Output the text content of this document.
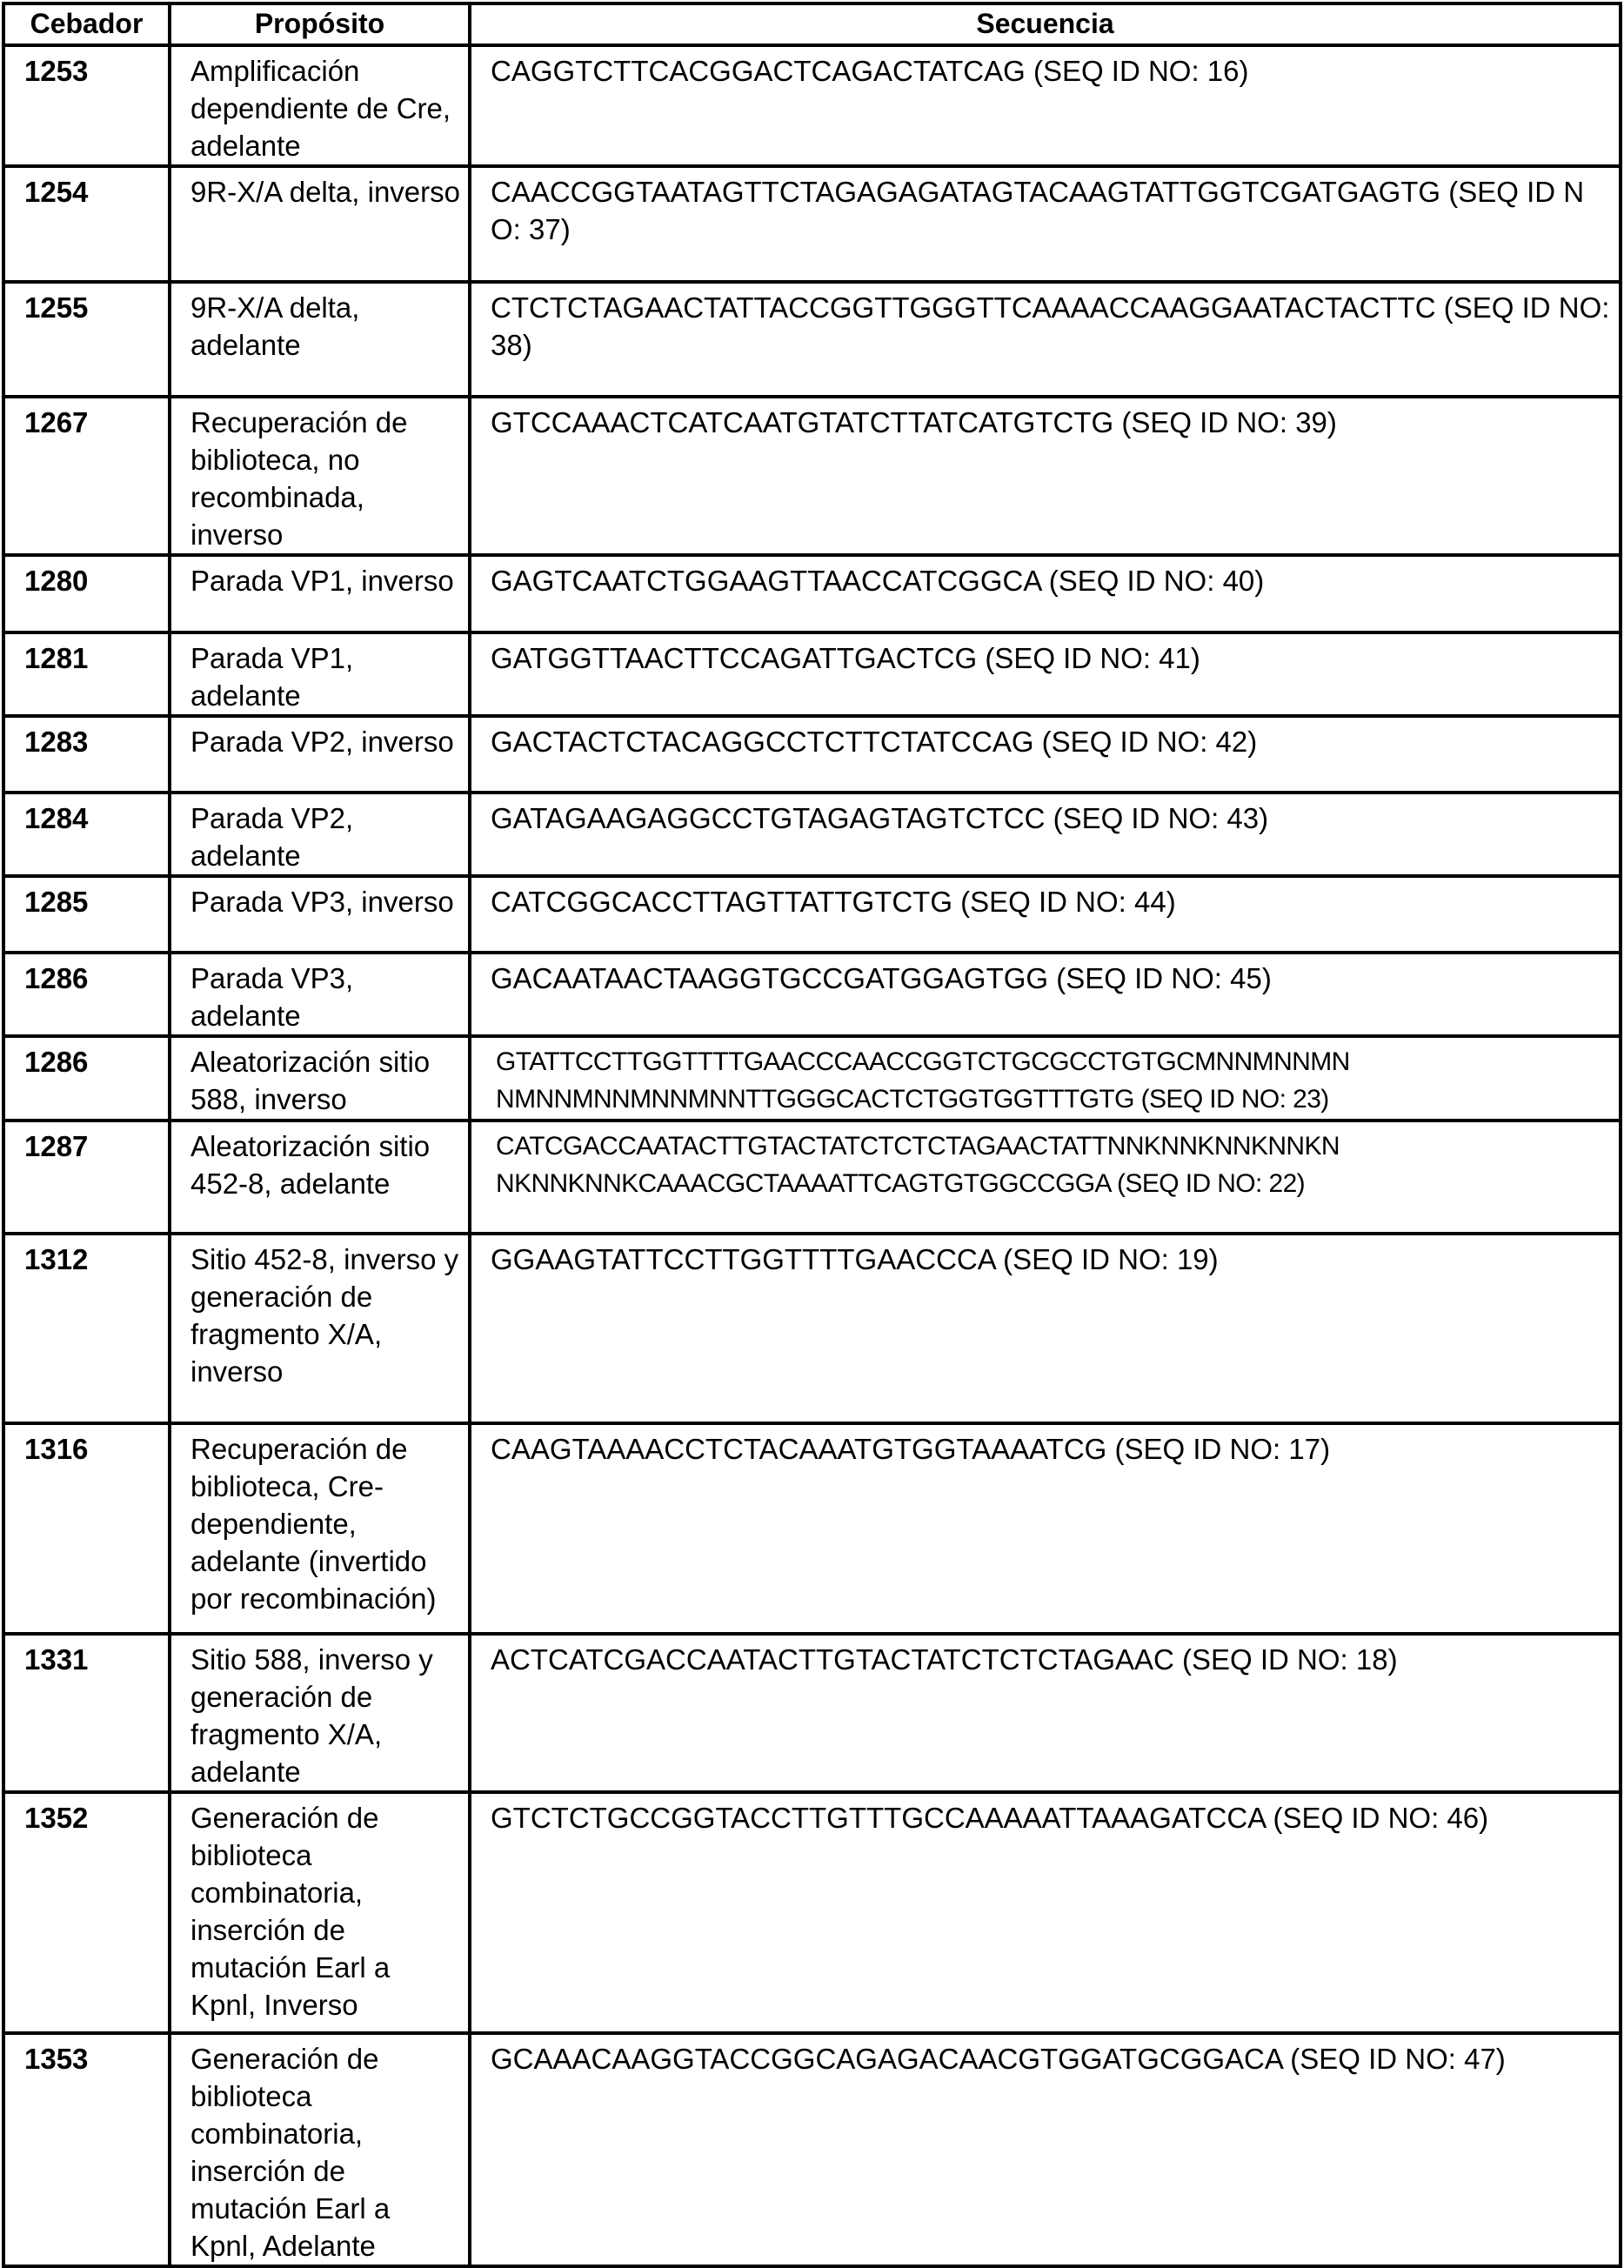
Cebador	Propósito	Secuencia
1253	Amplificación dependiente de Cre, adelante	CAGGTCTTCACGGACTCAGACTATCAG (SEQ ID NO: 16)
1254	9R-X/A delta, inverso	CAACCGGTAATAGTTCTAGAGAGATAGTACAAGTATTGGTCGATGAGTG (SEQ ID NO: 37)
1255	9R-X/A delta, adelante	CTCTCTAGAACTATTACCGGTTGGGTTCAAAACCAAGGAATACTACTTC (SEQ ID NO: 38)
1267	Recuperación de biblioteca, no recombinada, inverso	GTCCAAACTCATCAATGTATCTTATCATGTCTG (SEQ ID NO: 39)
1280	Parada VP1, inverso	GAGTCAATCTGGAAGTTAACCATCGGCA (SEQ ID NO: 40)
1281	Parada VP1, adelante	GATGGTTAACTTCCAGATTGACTCG (SEQ ID NO: 41)
1283	Parada VP2, inverso	GACTACTCTACAGGCCTCTTCTATCCAG (SEQ ID NO: 42)
1284	Parada VP2, adelante	GATAGAAGAGGCCTGTAGAGTAGTCTCC (SEQ ID NO: 43)
1285	Parada VP3, inverso	CATCGGCACCTTAGTTATTGTCTG (SEQ ID NO: 44)
1286	Parada VP3, adelante	GACAATAACTAAGGTGCCGATGGAGTGG (SEQ ID NO: 45)
1286	Aleatorización sitio 588, inverso	GTATTCCTTGGTTTTGAACCCAACCGGTCTGCGCCTGTGCMNNMNNMN
NMNNMNNMNNMNNTTGGGCACTCTGGTGGTTTGTG (SEQ ID NO: 23)

1287	Aleatorización sitio 452-8, adelante	CATCGACCAATACTTGTACTATCTCTCTAGAACTATTNNKNNKNNKNNKN
NKNNKNNKCAAACGCTAAAATTCAGTGTGGCCGGA (SEQ ID NO: 22)

1312	Sitio 452-8, inverso y generación de fragmento X/A, inverso	GGAAGTATTCCTTGGTTTTGAACCCA (SEQ ID NO: 19)
1316	Recuperación de biblioteca, Cre-dependiente, adelante (invertido por recombinación)	CAAGTAAAACCTCTACAAATGTGGTAAAATCG (SEQ ID NO: 17)
1331	Sitio 588, inverso y generación de fragmento X/A, adelante	ACTCATCGACCAATACTTGTACTATCTCTCTAGAAC (SEQ ID NO: 18)
1352	Generación de biblioteca combinatoria, inserción de mutación Earl a Kpnl, Inverso	GTCTCTGCCGGTACCTTGTTTGCCAAAAATTAAAGATCCA (SEQ ID NO: 46)
1353	Generación de biblioteca combinatoria, inserción de mutación Earl a Kpnl, Adelante	GCAAACAAGGTACCGGCAGAGACAACGTGGATGCGGACA (SEQ ID NO: 47)
